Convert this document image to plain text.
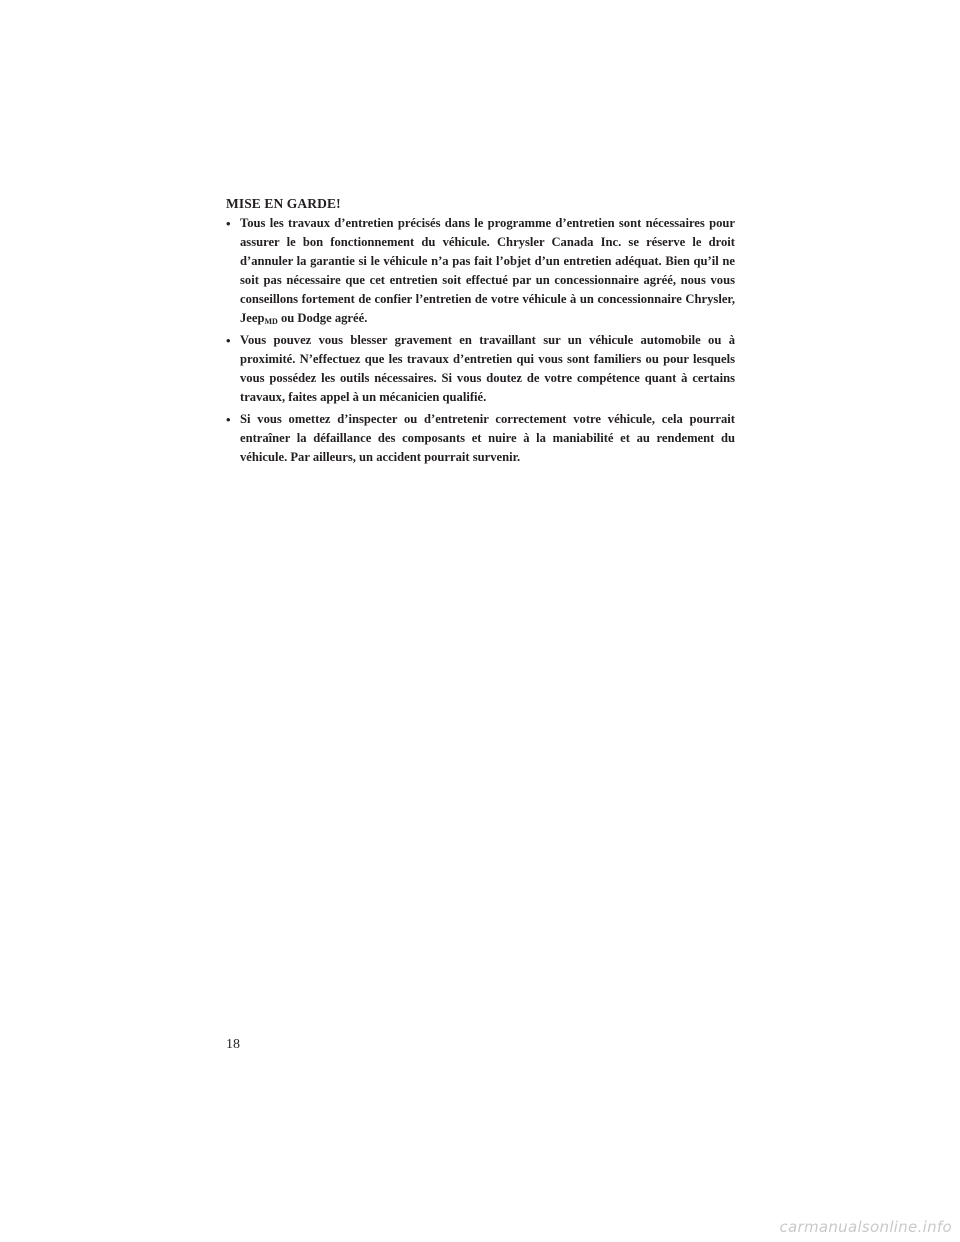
MISE EN GARDE!
• Tous les travaux d’entretien précisés dans le programme d’entretien sont nécessaires pour assurer le bon fonctionnement du véhicule. Chrysler Canada Inc. se réserve le droit d’annuler la garantie si le véhicule n’a pas fait l’objet d’un entretien adéquat. Bien qu’il ne soit pas nécessaire que cet entretien soit effectué par un concessionnaire agréé, nous vous conseillons fortement de confier l’entretien de votre véhicule à un concessionnaire Chrysler, Jeep$_{MD}$ ou Dodge agréé.
• Vous pouvez vous blesser gravement en travaillant sur un véhicule automobile ou à proximité. N’effectuez que les travaux d’entretien qui vous sont familiers ou pour lesquels vous possédez les outils nécessaires. Si vous doutez de votre compétence quant à certains travaux, faites appel à un mécanicien qualifié.
• Si vous omettez d’inspecter ou d’entretenir correctement votre véhicule, cela pourrait entraîner la défaillance des composants et nuire à la maniabilité et au rendement du véhicule. Par ailleurs, un accident pourrait survenir.
18
carmanualsonline.info
